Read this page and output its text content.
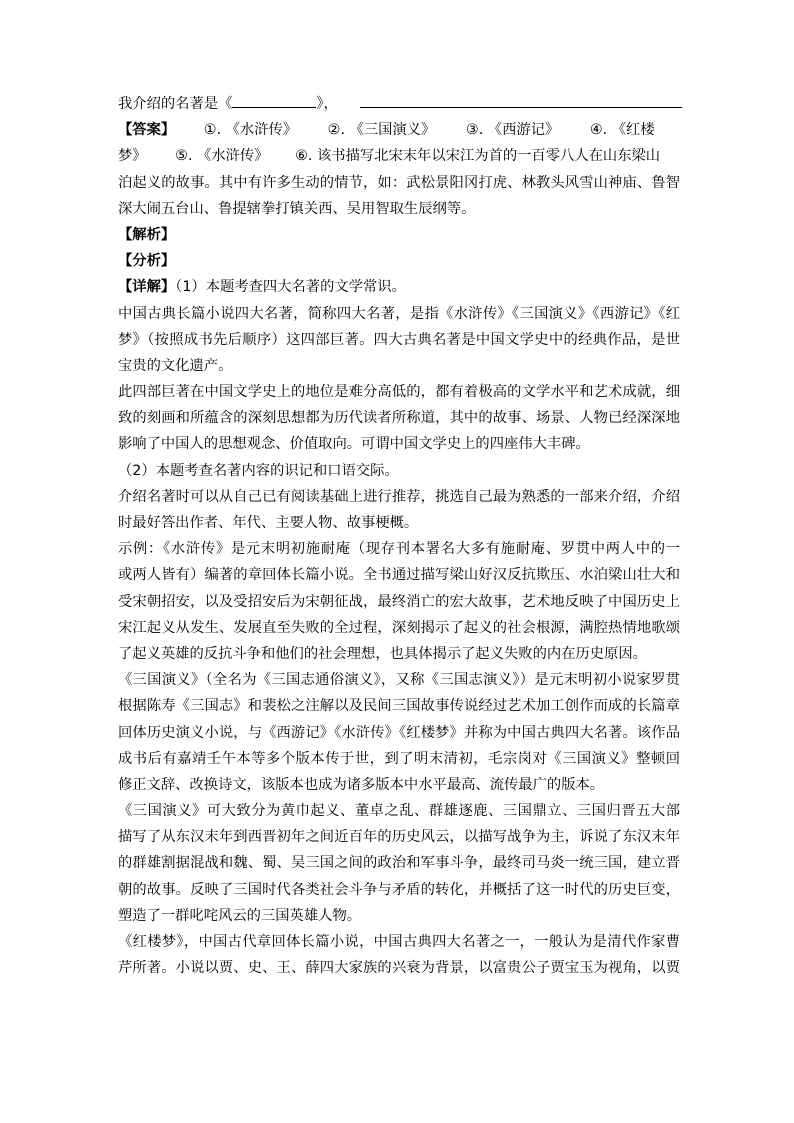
我介绍的名著是《	》，
【答案】 ①. 《水浒传》 ②. 《三国演义》 ③. 《西游记》 ④. 《红楼
梦》 ⑤. 《水浒传》 ⑥. 该书描写北宋末年以宋江为首的一百零八人在山东梁山
泊起义的故事。其中有许多生动的情节，如：武松景阳冈打虎、林教头风雪山神庙、鲁智
深大闹五台山、鲁提辖拳打镇关西、吴用智取生辰纲等。
【解析】
【分析】
【详解】（1）本题考查四大名著的文学常识。
中国古典长篇小说四大名著，简称四大名著，是指《水浒传》《三国演义》《西游记》《红
梦》（按照成书先后顺序）这四部巨著。四大古典名著是中国文学史中的经典作品，是世
宝贵的文化遗产。
此四部巨著在中国文学史上的地位是难分高低的，都有着极高的文学水平和艺术成就，细
致的刻画和所蕴含的深刻思想都为历代读者所称道，其中的故事、场景、人物已经深深地
影响了中国人的思想观念、价值取向。可谓中国文学史上的四座伟大丰碑。
（2）本题考查名著内容的识记和口语交际。
介绍名著时可以从自己已有阅读基础上进行推荐，挑选自己最为熟悉的一部来介绍，介绍
时最好答出作者、年代、主要人物、故事梗概。
示例：《水浒传》是元末明初施耐庵（现存刊本署名大多有施耐庵、罗贯中两人中的一
或两人皆有）编著的章回体长篇小说。全书通过描写梁山好汉反抗欺压、水泊梁山壮大和
受宋朝招安，以及受招安后为宋朝征战，最终消亡的宏大故事，艺术地反映了中国历史上
宋江起义从发生、发展直至失败的全过程，深刻揭示了起义的社会根源，满腔热情地歌颂
了起义英雄的反抗斗争和他们的社会理想，也具体揭示了起义失败的内在历史原因。
《三国演义》（全名为《三国志通俗演义》，又称《三国志演义》）是元末明初小说家罗贯
根据陈寿《三国志》和裴松之注解以及民间三国故事传说经过艺术加工创作而成的长篇章
回体历史演义小说，与《西游记》《水浒传》《红楼梦》并称为中国古典四大名著。该作品
成书后有嘉靖壬午本等多个版本传于世，到了明末清初，毛宗岗对《三国演义》整顿回
修正文辞、改换诗文，该版本也成为诸多版本中水平最高、流传最广的版本。
《三国演义》可大致分为黄巾起义、董卓之乱、群雄逐鹿、三国鼎立、三国归晋五大部
描写了从东汉末年到西晋初年之间近百年的历史风云，以描写战争为主，诉说了东汉末年
的群雄割据混战和魏、蜀、吴三国之间的政治和军事斗争，最终司马炎一统三国，建立晋
朝的故事。反映了三国时代各类社会斗争与矛盾的转化，并概括了这一时代的历史巨变，
塑造了一群叱咤风云的三国英雄人物。
《红楼梦》，中国古代章回体长篇小说，中国古典四大名著之一，一般认为是清代作家曹
芹所著。小说以贾、史、王、薛四大家族的兴衰为背景，以富贵公子贾宝玉为视角，以贾
